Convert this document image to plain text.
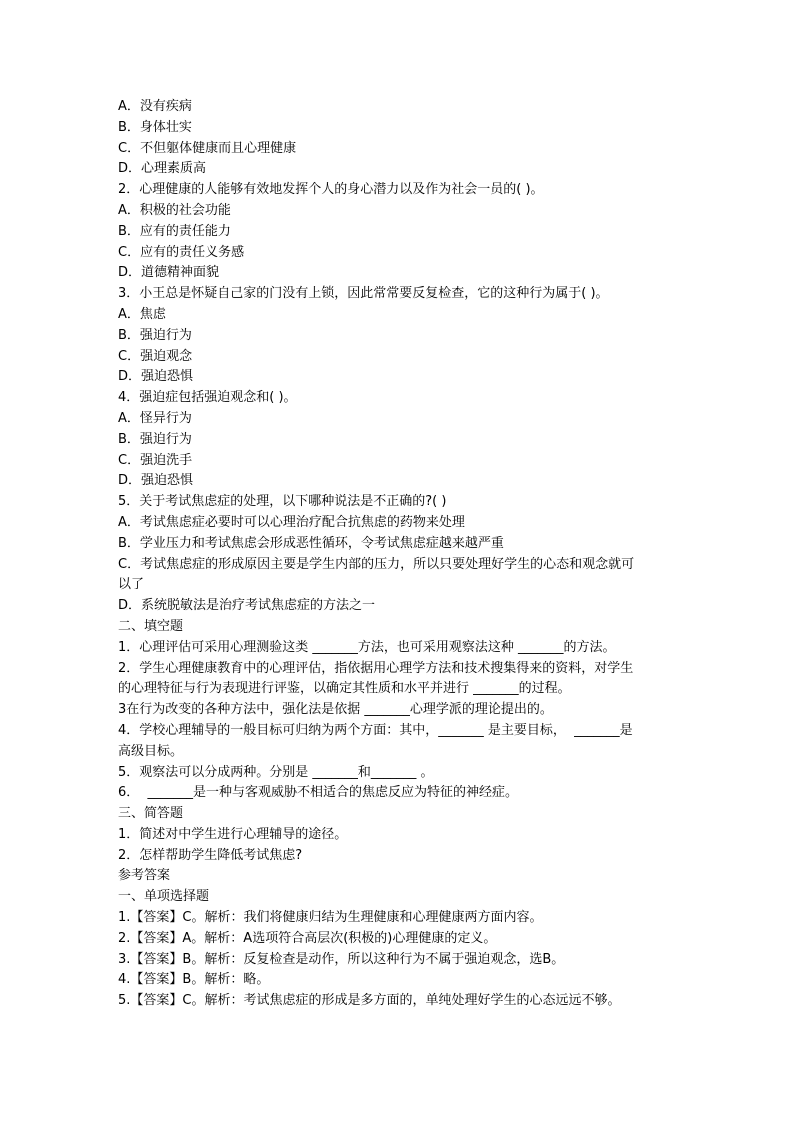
A．没有疾病
B．身体壮实
C．不但躯体健康而且心理健康
D．心理素质高
2．心理健康的人能够有效地发挥个人的身心潜力以及作为社会一员的( )。
A．积极的社会功能
B．应有的责任能力
C．应有的责任义务感
D．道德精神面貌
3．小王总是怀疑自己家的门没有上锁，因此常常要反复检查，它的这种行为属于( )。
A．焦虑
B．强迫行为
C．强迫观念
D．强迫恐惧
4．强迫症包括强迫观念和( )。
A．怪异行为
B．强迫行为
C．强迫洗手
D．强迫恐惧
5．关于考试焦虑症的处理，以下哪种说法是不正确的?( )
A．考试焦虑症必要时可以心理治疗配合抗焦虑的药物来处理
B．学业压力和考试焦虑会形成恶性循环，令考试焦虑症越来越严重
C．考试焦虑症的形成原因主要是学生内部的压力，所以只要处理好学生的心态和观念就可
以了
D．系统脱敏法是治疗考试焦虑症的方法之一
二、填空题
1．心理评估可采用心理测验这类 _______方法，也可采用观察法这种 _______的方法。
2．学生心理健康教育中的心理评估，指依据用心理学方法和技术搜集得来的资料，对学生
的心理特征与行为表现进行评鉴，以确定其性质和水平并进行 _______的过程。
3在行为改变的各种方法中，强化法是依据 _______心理学派的理论提出的。
4．学校心理辅导的一般目标可归纳为两个方面：其中，_______ 是主要目标，  _______是
高级目标。
5．观察法可以分成两种。分别是 _______和_______ 。
6．  _______是一种与客观威胁不相适合的焦虑反应为特征的神经症。
三、简答题
1．简述对中学生进行心理辅导的途径。
2．怎样帮助学生降低考试焦虑?
参考答案
一、单项选择题
1.【答案】C。解析：我们将健康归结为生理健康和心理健康两方面内容。
2.【答案】A。解析：A选项符合高层次(积极的)心理健康的定义。
3.【答案】B。解析：反复检查是动作，所以这种行为不属于强迫观念，选B。
4.【答案】B。解析：略。
5.【答案】C。解析：考试焦虑症的形成是多方面的，单纯处理好学生的心态远远不够。
